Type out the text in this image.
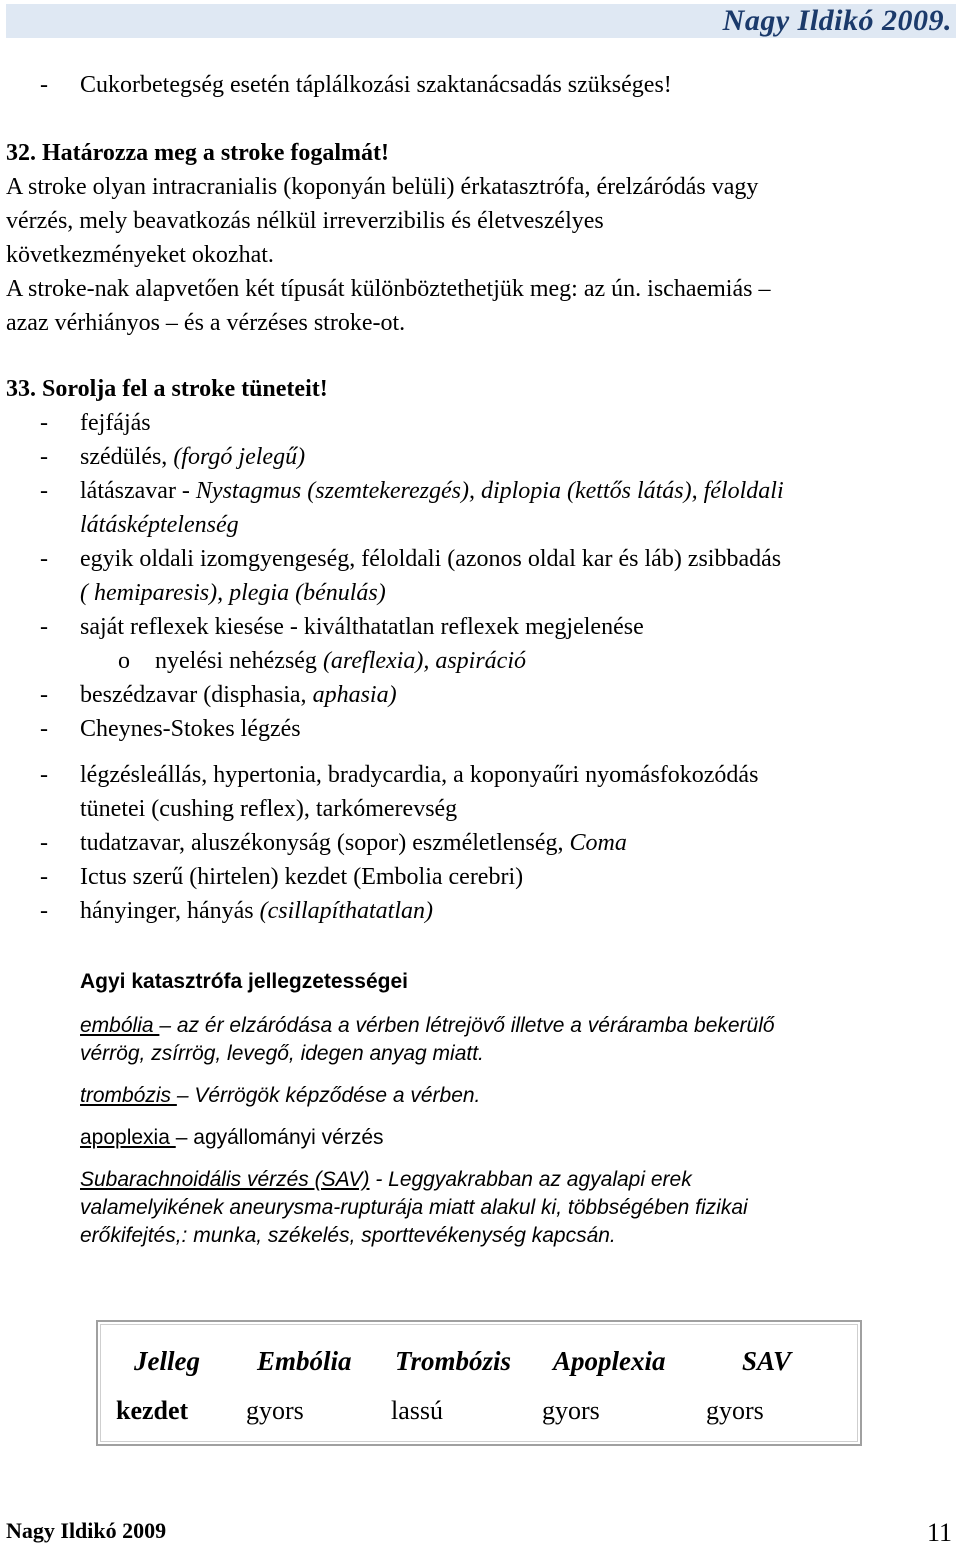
Nagy Ildikó 2009.
- Cukorbetegség esetén táplálkozási szaktanácsadás szükséges!
32. Határozza meg a stroke fogalmát!
A stroke olyan intracranialis (koponyán belüli) érkatasztrófa, érelzáródás vagy
vérzés, mely beavatkozás nélkül irreverzibilis és életveszélyes
következményeket okozhat.
A stroke-nak alapvetően két típusát különböztethetjük meg: az ún. ischaemiás –
azaz vérhiányos – és a vérzéses stroke-ot.
33. Sorolja fel a stroke tüneteit!
- fejfájás
- szédülés, (forgó jelegű)
- látászavar - Nystagmus (szemtekerezgés), diplopia (kettős látás), féloldali
látásképtelenség
- egyik oldali izomgyengeség, féloldali (azonos oldal kar és láb) zsibbadás
( hemiparesis), plegia (bénulás)
- saját reflexek kiesése - kiválthatatlan reflexek megjelenése
o nyelési nehézség (areflexia), aspiráció
- beszédzavar (disphasia, aphasia)
- Cheynes-Stokes légzés
- légzésleállás, hypertonia, bradycardia, a koponyaűri nyomásfokozódás
tünetei (cushing reflex), tarkómerevség
- tudatzavar, aluszékonyság (sopor) eszméletlenség, Coma
- Ictus szerű (hirtelen) kezdet (Embolia cerebri)
- hányinger, hányás (csillapíthatatlan)
Agyi katasztrófa jellegzetességei
embólia – az ér elzáródása a vérben létrejövő illetve a véráramba bekerülő
vérrög, zsírrög, levegő, idegen anyag miatt.
trombózis – Vérrögök képződése a vérben.
apoplexia – agyállományi vérzés
Subarachnoidális vérzés (SAV) - Leggyakrabban az agyalapi erek
valamelyikének aneurysma-rupturája miatt alakul ki, többségében fizikai
erőkifejtés,: munka, székelés, sporttevékenység kapcsán.
Jelleg Embólia Trombózis Apoplexia	SAV
kezdet gyors	lassú	gyors	gyors
Nagy Ildikó 2009	11
